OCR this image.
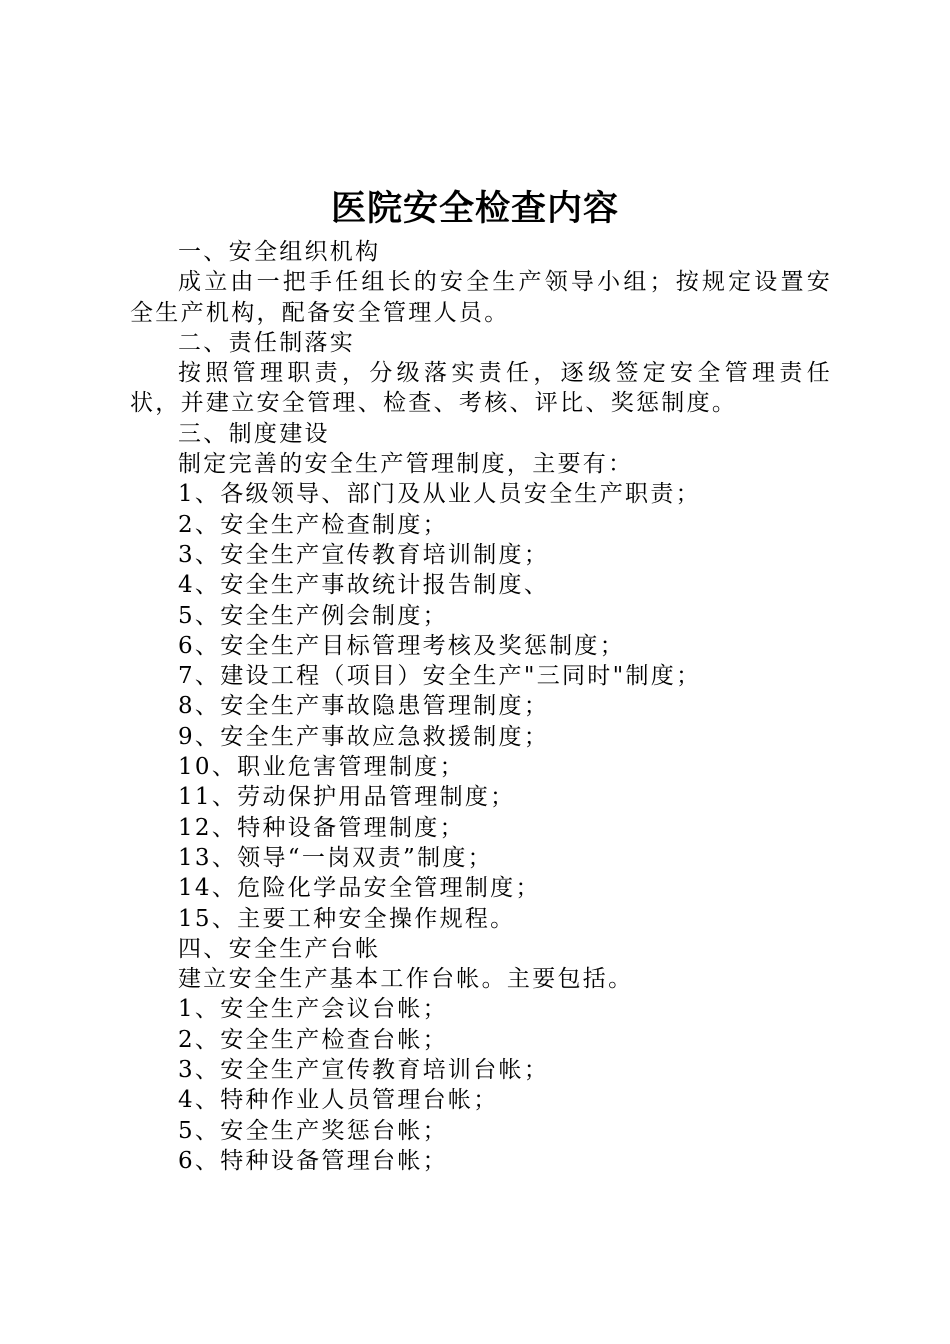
医院安全检查内容

一、安全组织机构

成立由一把手任组长的安全生产领导小组；按规定设置安全生产机构，配备安全管理人员。

二、责任制落实

按照管理职责，分级落实责任，逐级签定安全管理责任状，并建立安全管理、检查、考核、评比、奖惩制度。

三、制度建设

制定完善的安全生产管理制度，主要有：

1、各级领导、部门及从业人员安全生产职责；

2、安全生产检查制度；

3、安全生产宣传教育培训制度；

4、安全生产事故统计报告制度、

5、安全生产例会制度；

6、安全生产目标管理考核及奖惩制度；

7、建设工程（项目）安全生产"三同时"制度；

8、安全生产事故隐患管理制度；

9、安全生产事故应急救援制度；

10、职业危害管理制度；

11、劳动保护用品管理制度；

12、特种设备管理制度；

13、领导“一岗双责”制度；

14、危险化学品安全管理制度；

15、主要工种安全操作规程。

四、安全生产台帐

建立安全生产基本工作台帐。主要包括。

1、安全生产会议台帐；

2、安全生产检查台帐；

3、安全生产宣传教育培训台帐；

4、特种作业人员管理台帐；

5、安全生产奖惩台帐；

6、特种设备管理台帐；
